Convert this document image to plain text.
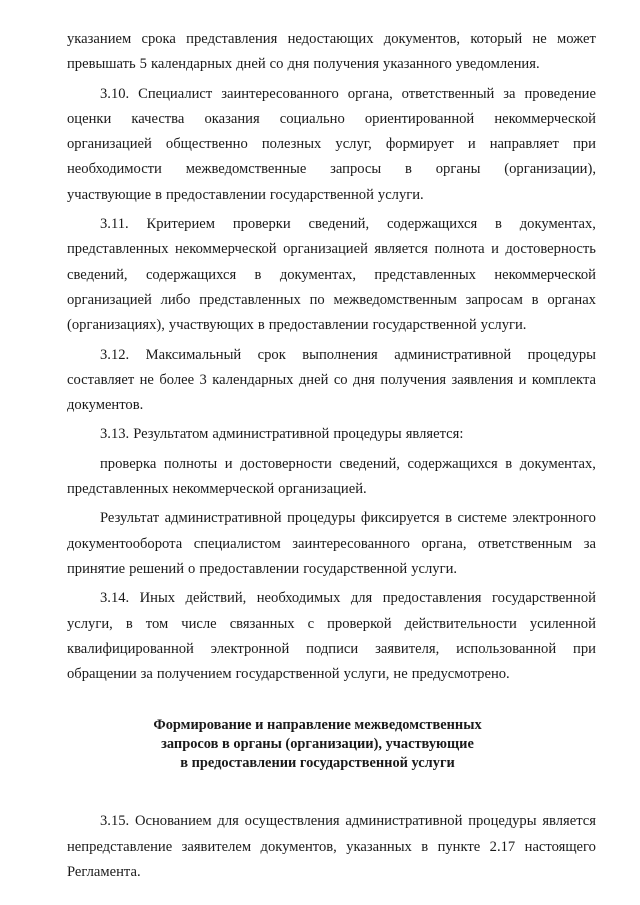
указанием срока представления недостающих документов, который не может
превышать 5 календарных дней со дня получения указанного уведомления.
3.10. Специалист заинтересованного органа, ответственный за проведение
оценки качества оказания социально ориентированной некоммерческой
организацией общественно полезных услуг, формирует и направляет при
необходимости межведомственные запросы в органы (организации),
участвующие в предоставлении государственной услуги.
3.11. Критерием проверки сведений, содержащихся в документах,
представленных некоммерческой организацией является полнота и достоверность
сведений, содержащихся в документах, представленных некоммерческой
организацией либо представленных по межведомственным запросам в органах
(организациях), участвующих в предоставлении государственной услуги.
3.12. Максимальный срок выполнения административной процедуры
составляет не более 3 календарных дней со дня получения заявления и комплекта
документов.
3.13. Результатом административной процедуры является:
проверка полноты и достоверности сведений, содержащихся в документах,
представленных некоммерческой организацией.
Результат административной процедуры фиксируется в системе электронного
документооборота специалистом заинтересованного органа, ответственным за
принятие решений о предоставлении государственной услуги.
3.14. Иных действий, необходимых для предоставления государственной
услуги, в том числе связанных с проверкой действительности усиленной
квалифицированной электронной подписи заявителя, использованной при
обращении за получением государственной услуги, не предусмотрено.
Формирование и направление межведомственных
запросов в органы (организации), участвующие
в предоставлении государственной услуги
3.15. Основанием для осуществления административной процедуры является
непредставление заявителем документов, указанных в пункте 2.17 настоящего
Регламента.
